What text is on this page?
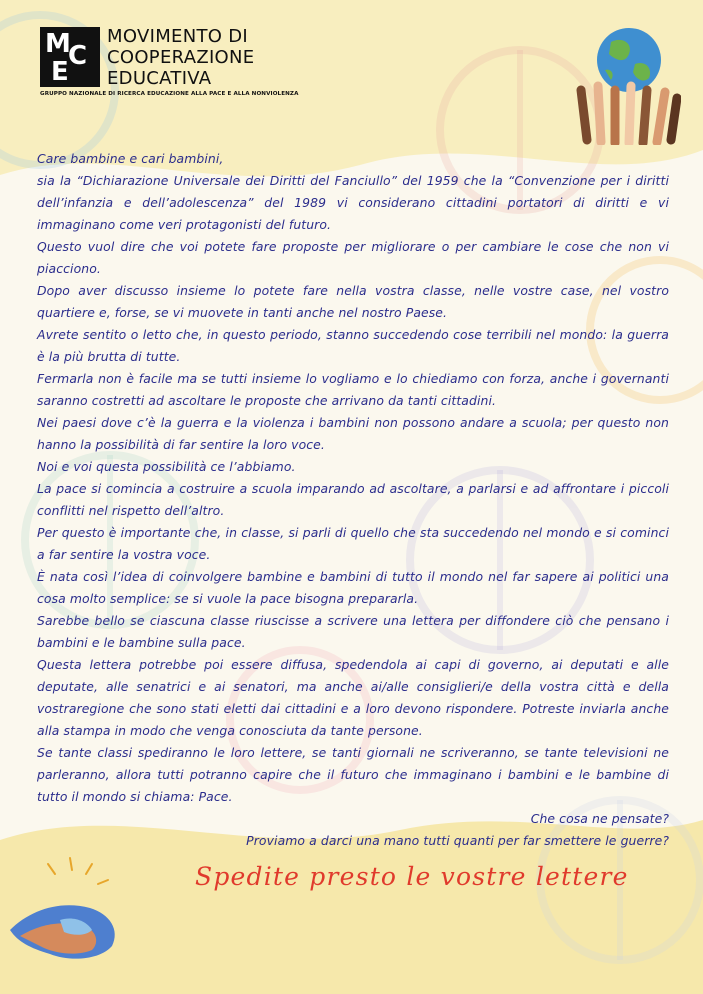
M
C
E
MOVIMENTO DI
COOPERAZIONE
EDUCATIVA
GRUPPO NAZIONALE DI RICERCA EDUCAZIONE ALLA PACE E ALLA NONVIOLENZA

Care bambine e cari bambini,

sia la “Dichiarazione Universale dei Diritti del Fanciullo” del 1959 che la “Convenzione per i diritti dell’infanzia e dell’adolescenza” del 1989 vi considerano cittadini portatori di diritti e vi immaginano come veri protagonisti del futuro.

Questo vuol dire che voi potete fare proposte per migliorare o per cambiare le cose che non vi piacciono.

Dopo aver discusso insieme lo potete fare nella vostra classe, nelle vostre case, nel vostro quartiere e, forse, se vi muovete in tanti anche nel nostro Paese.

Avrete sentito o letto che, in questo periodo, stanno succedendo cose terribili nel mondo: la guerra è la più brutta di tutte.

Fermarla non è facile ma se tutti insieme lo vogliamo e lo chiediamo con forza, anche i governanti saranno costretti ad ascoltare le proposte che arrivano da tanti cittadini.

Nei paesi dove c’è la guerra e la violenza i bambini non possono andare a scuola; per questo non hanno la possibilità di far sentire la loro voce.

Noi e voi questa possibilità ce l’abbiamo.

La pace si comincia a costruire a scuola imparando ad ascoltare, a parlarsi e ad affrontare i piccoli conflitti nel rispetto dell’altro.

Per questo è importante che, in classe, si parli di quello che sta succedendo nel mondo e si cominci a far sentire la vostra voce.

È nata così l’idea di coinvolgere bambine e bambini di tutto il mondo nel far sapere ai politici una cosa molto semplice: se si vuole la pace bisogna prepararla.

Sarebbe bello se ciascuna classe riuscisse a scrivere una lettera per diffondere ciò che pensano i bambini e le bambine sulla pace.

Questa lettera potrebbe poi essere diffusa, spedendola ai capi di governo, ai deputati e alle deputate, alle senatrici e ai senatori, ma anche ai/alle consiglieri/e della vostra città e della vostraregione che sono stati eletti dai cittadini e a loro devono rispondere. Potreste inviarla anche alla stampa in modo che venga conosciuta da tante persone.

Se tante classi spediranno le loro lettere, se tanti giornali ne scriveranno, se tante televisioni ne parleranno, allora tutti potranno capire che il futuro che immaginano i bambini e le bambine di tutto il mondo si chiama: Pace.

Che cosa ne pensate?

Proviamo a darci una mano tutti quanti per far smettere le guerre?

Spedite presto le vostre lettere
